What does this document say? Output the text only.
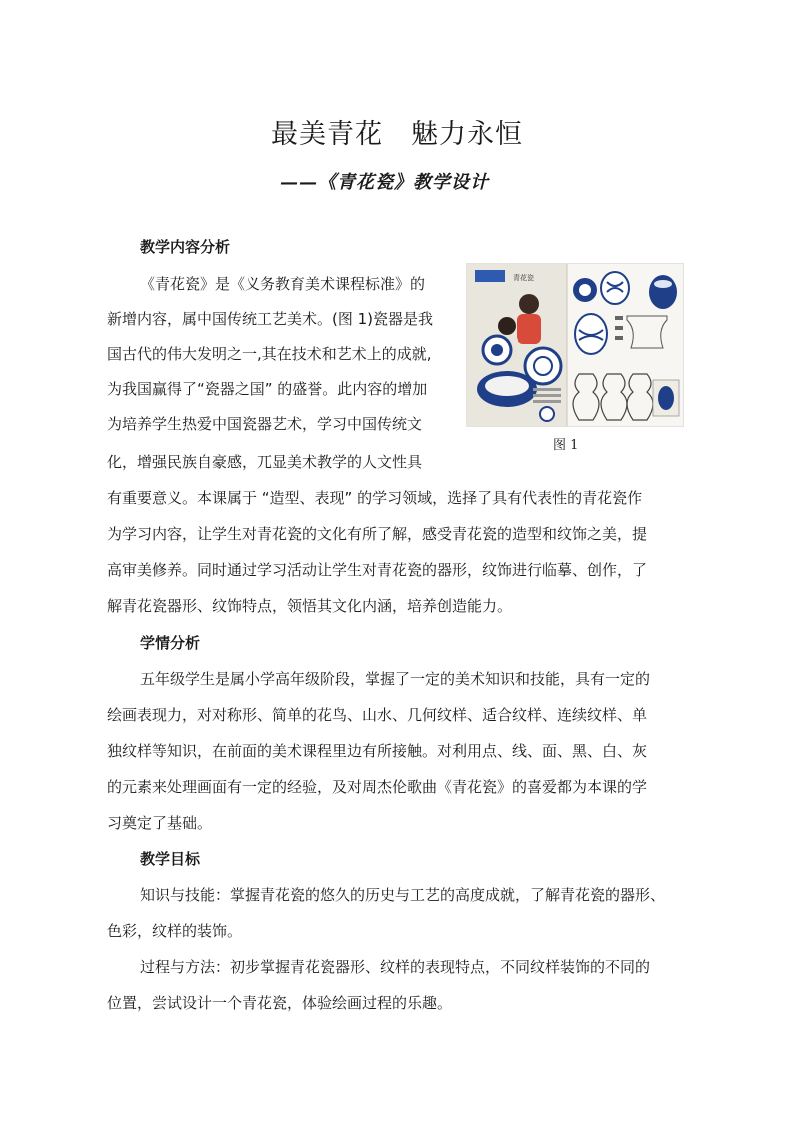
最美青花　魅力永恒
——《青花瓷》教学设计
教学内容分析
《青花瓷》是《义务教育美术课程标准》的
新增内容，属中国传统工艺美术。(图 1)瓷器是我
国古代的伟大发明之一,其在技术和艺术上的成就,
为我国赢得了“瓷器之国” 的盛誉。此内容的增加
为培养学生热爱中国瓷器艺术，学习中国传统文
化，增强民族自豪感，兀显美术教学的人文性具
有重要意义。本课属于 “造型、表现” 的学习领域，选择了具有代表性的青花瓷作
为学习内容，让学生对青花瓷的文化有所了解，感受青花瓷的造型和纹饰之美，提
高审美修养。同时通过学习活动让学生对青花瓷的器形，纹饰进行临摹、创作，了
解青花瓷器形、纹饰特点，领悟其文化内涵，培养创造能力。
青花瓷
图 1
学情分析
五年级学生是属小学高年级阶段，掌握了一定的美术知识和技能，具有一定的
绘画表现力，对对称形、简单的花鸟、山水、几何纹样、适合纹样、连续纹样、单
独纹样等知识，在前面的美术课程里边有所接触。对利用点、线、面、黑、白、灰
的元素来处理画面有一定的经验，及对周杰伦歌曲《青花瓷》的喜爱都为本课的学
习奠定了基础。
教学目标
知识与技能：掌握青花瓷的悠久的历史与工艺的高度成就，了解青花瓷的器形、
色彩，纹样的装饰。
过程与方法：初步掌握青花瓷器形、纹样的表现特点，不同纹样装饰的不同的
位置，尝试设计一个青花瓷，体验绘画过程的乐趣。
